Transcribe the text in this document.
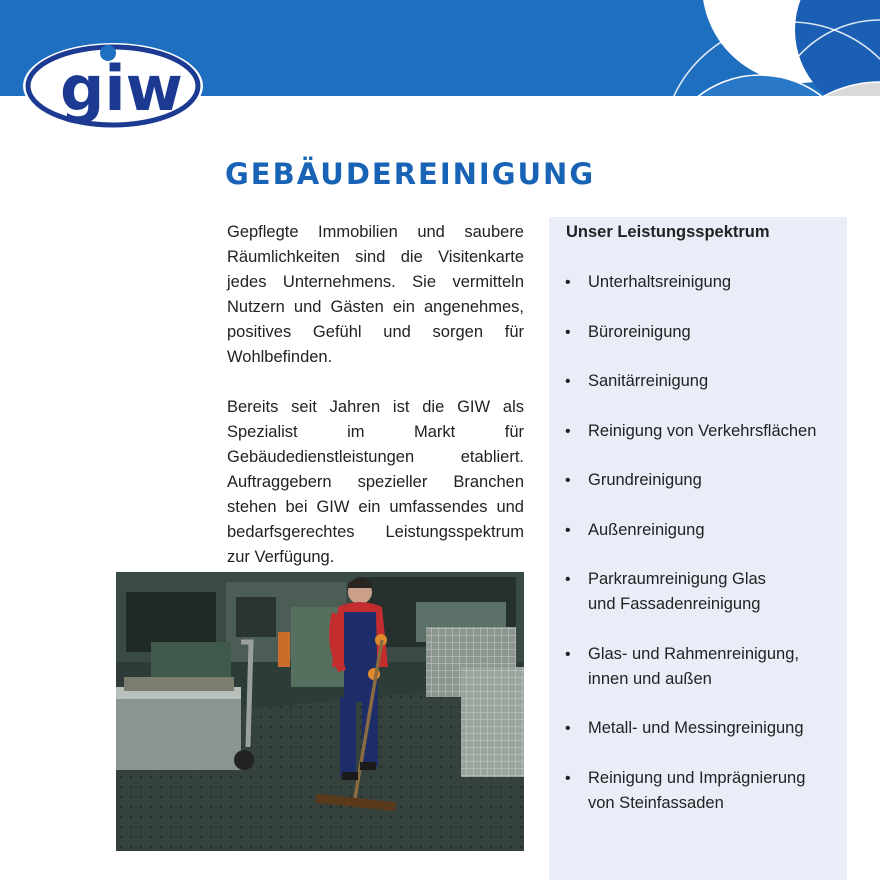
giw
GEBÄUDEREINIGUNG

Gepflegte Immobilien und saubere Räumlichkeiten sind die Visitenkarte jedes Unternehmens. Sie vermitteln Nutzern und Gästen ein angenehmes, positives Gefühl und sorgen für Wohlbefinden.

Bereits seit Jahren ist die GIW als Spezialist im Markt für Gebäudedienstleistungen etabliert. Auftraggebern spezieller Branchen stehen bei GIW ein umfassendes und bedarfsgerechtes Leistungsspektrum zur Verfügung.

Unser Leistungsspektrum
• Unterhaltsreinigung
• Büroreinigung
• Sanitärreinigung
• Reinigung von Verkehrsflächen
• Grundreinigung
• Außenreinigung
• Parkraumreinigung Glas
und Fassadenreinigung
• Glas- und Rahmenreinigung,
innen und außen
• Metall- und Messingreinigung
• Reinigung und Imprägnierung
von Steinfassaden
